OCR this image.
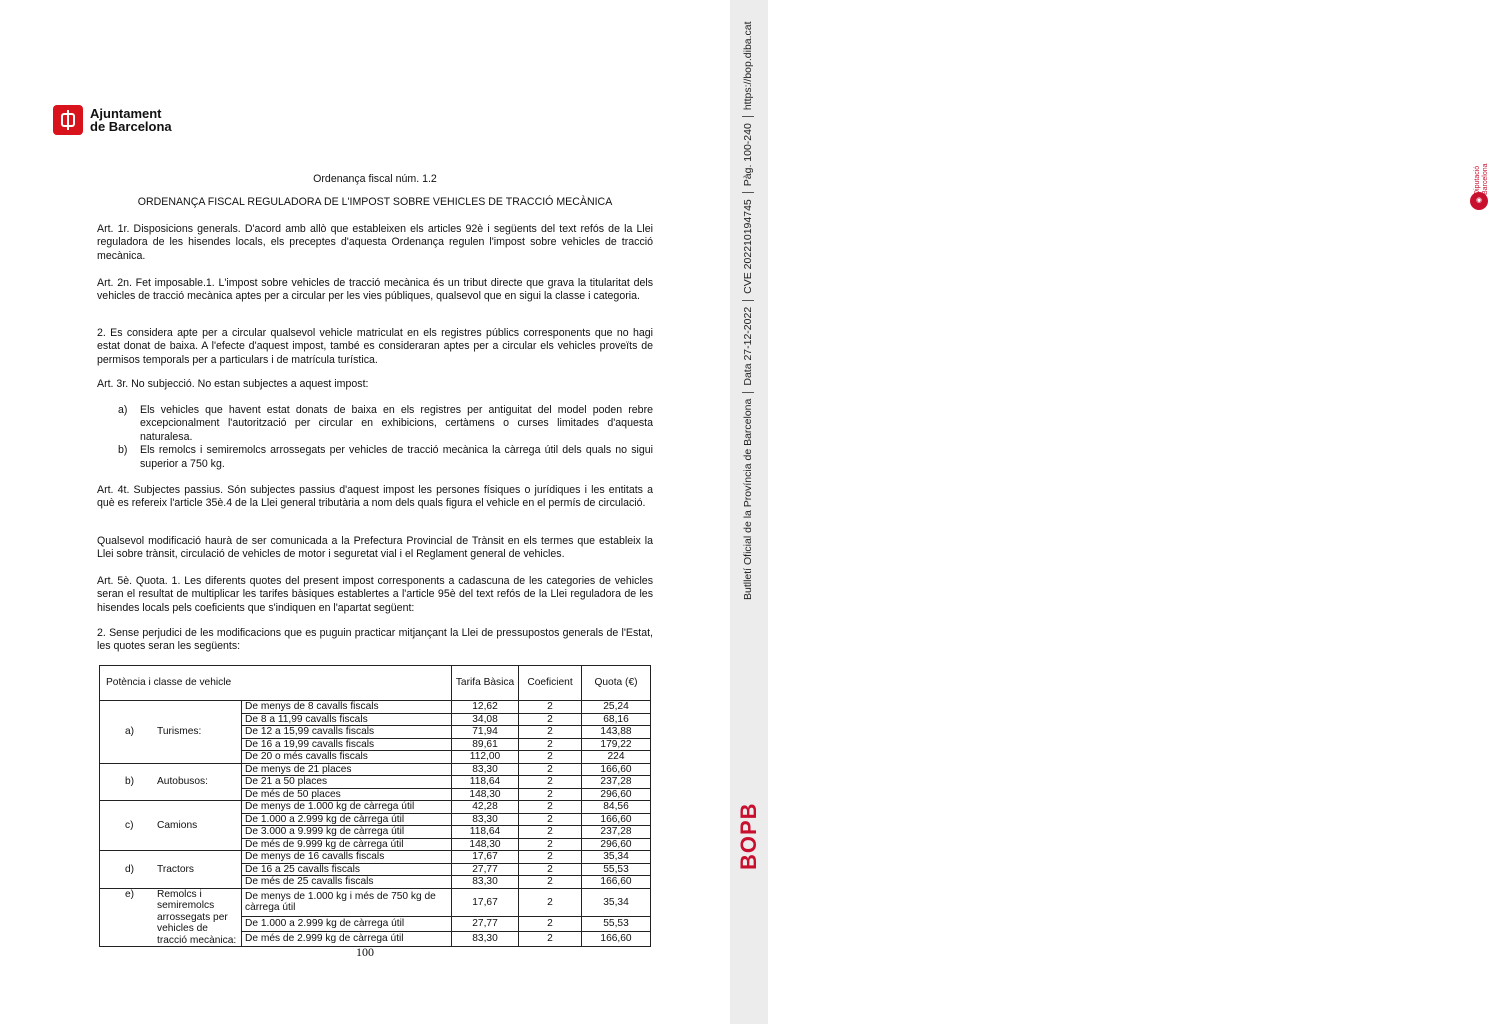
Ajuntament
de Barcelona
Ordenança fiscal núm. 1.2
ORDENANÇA FISCAL REGULADORA DE L'IMPOST SOBRE VEHICLES DE TRACCIÓ MECÀNICA
Art. 1r. Disposicions generals. D'acord amb allò que estableixen els articles 92è i següents del text refós de la Llei reguladora de les hisendes locals, els preceptes d'aquesta Ordenança regulen l'impost sobre vehicles de tracció mecànica.
Art. 2n. Fet imposable.1. L'impost sobre vehicles de tracció mecànica és un tribut directe que grava la titularitat dels vehicles de tracció mecànica aptes per a circular per les vies públiques, qualsevol que en sigui la classe i categoria.
2. Es considera apte per a circular qualsevol vehicle matriculat en els registres públics corresponents que no hagi estat donat de baixa. A l'efecte d'aquest impost, també es consideraran aptes per a circular els vehicles proveïts de permisos temporals per a particulars i de matrícula turística.
Art. 3r. No subjecció. No estan subjectes a aquest impost:
a)	Els vehicles que havent estat donats de baixa en els registres per antiguitat del model poden rebre excepcionalment l'autorització per circular en exhibicions, certàmens o curses limitades d'aquesta naturalesa.
b)	Els remolcs i semiremolcs arrossegats per vehicles de tracció mecànica la càrrega útil dels quals no sigui superior a 750 kg.
Art. 4t. Subjectes passius. Són subjectes passius d'aquest impost les persones físiques o jurídiques i les entitats a què es refereix l'article 35è.4 de la Llei general tributària a nom dels quals figura el vehicle en el permís de circulació.
Qualsevol modificació haurà de ser comunicada a la Prefectura Provincial de Trànsit en els termes que estableix la Llei sobre trànsit, circulació de vehicles de motor i seguretat vial i el Reglament general de vehicles.
Art. 5è. Quota. 1. Les diferents quotes del present impost corresponents a cadascuna de les categories de vehicles seran el resultat de multiplicar les tarifes bàsiques establertes a l'article 95è del text refós de la Llei reguladora de les hisendes locals pels coeficients que s'indiquen en l'apartat següent:
2. Sense perjudici de les modificacions que es puguin practicar mitjançant la Llei de pressupostos generals de l'Estat, les quotes seran les següents:
Potència i classe de vehicle		Tarifa Bàsica	Coeficient	Quota (€)

a) Turismes:	De menys de 8 cavalls fiscals	12,62	2	25,24
	De 8 a 11,99 cavalls fiscals	34,08	2	68,16
	De 12 a 15,99 cavalls fiscals	71,94	2	143,88
	De 16 a 19,99 cavalls fiscals	89,61	2	179,22
	De 20 o més cavalls fiscals	112,00	2	224

b) Autobusos:	De menys de 21 places	83,30	2	166,60
	De 21 a 50 places	118,64	2	237,28
	De més de 50 places	148,30	2	296,60

c) Camions	De menys de 1.000 kg de càrrega útil	42,28	2	84,56
	De 1.000 a 2.999 kg de càrrega útil	83,30	2	166,60
	De 3.000 a 9.999 kg de càrrega útil	118,64	2	237,28
	De més de 9.999 kg de càrrega útil	148,30	2	296,60

d) Tractors	De menys de 16 cavalls fiscals	17,67	2	35,34
	De 16 a 25 cavalls fiscals	27,77	2	55,53
	De més de 25 cavalls fiscals	83,30	2	166,60

e) Remolcs i semiremolcs arrossegats per vehicles de tracció mecànica:	De menys de 1.000 kg i més de 750 kg de càrrega útil	17,67	2	35,34
	De 1.000 a 2.999 kg de càrrega útil	27,77	2	55,53
	De més de 2.999 kg de càrrega útil	83,30	2	166,60
100
◉
Diputació Barcelona
Butlletí Oficial de la Província de Barcelona
Data 27-12-2022
CVE 202210194745
Pàg. 100-240
https://bop.diba.cat
BOPB
